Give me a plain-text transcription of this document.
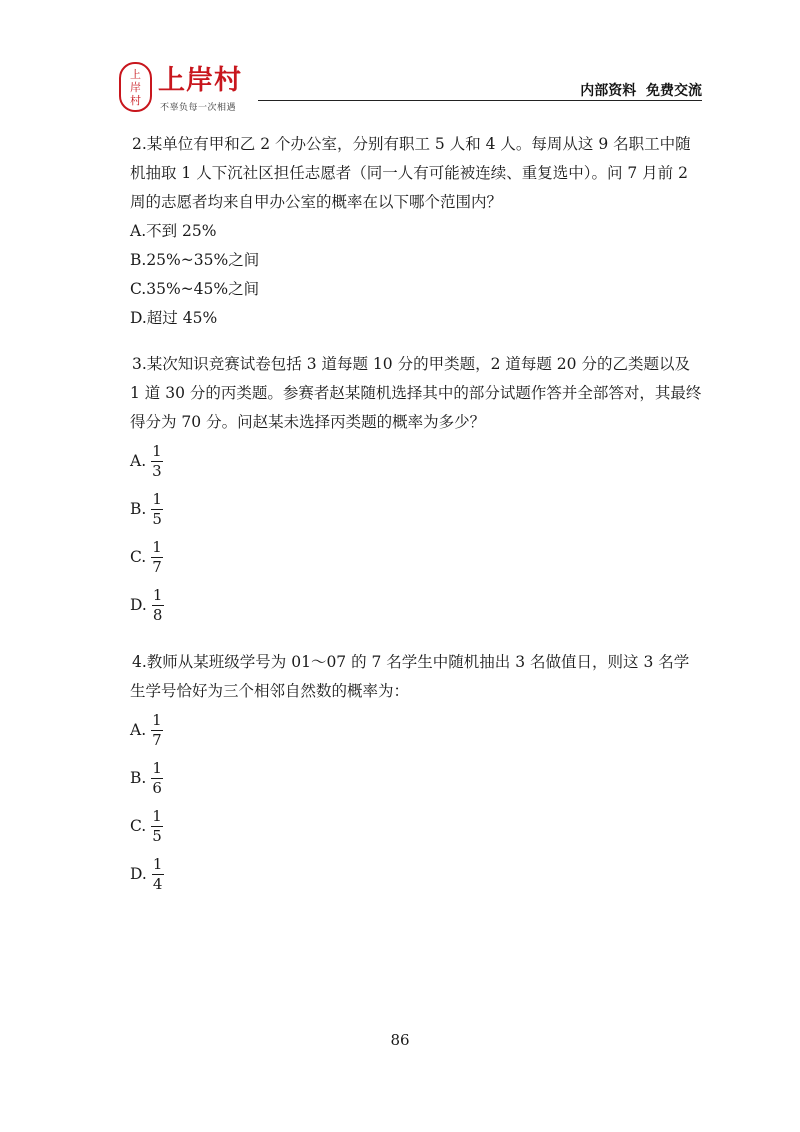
上
岸
村
上岸村
不辜负每一次相遇
内部资料  免费交流

2.某单位有甲和乙 2 个办公室，分别有职工 5 人和 4 人。每周从这 9 名职工中随机抽取 1 人下沉社区担任志愿者（同一人有可能被连续、重复选中）。问 7 月前 2 周的志愿者均来自甲办公室的概率在以下哪个范围内？

A.不到 25%

B.25%~35%之间

C.35%~45%之间

D.超过 45%

3.某次知识竞赛试卷包括 3 道每题 10 分的甲类题，2 道每题 20 分的乙类题以及 1 道 30 分的丙类题。参赛者赵某随机选择其中的部分试题作答并全部答对，其最终得分为 70 分。问赵某未选择丙类题的概率为多少？

A. $\frac{1}{3}$
B. $\frac{1}{5}$
C. $\frac{1}{7}$
D. $\frac{1}{8}$

4.教师从某班级学号为 01～07 的 7 名学生中随机抽出 3 名做值日，则这 3 名学生学号恰好为三个相邻自然数的概率为：

A. $\frac{1}{7}$
B. $\frac{1}{6}$
C. $\frac{1}{5}$
D. $\frac{1}{4}$
86
